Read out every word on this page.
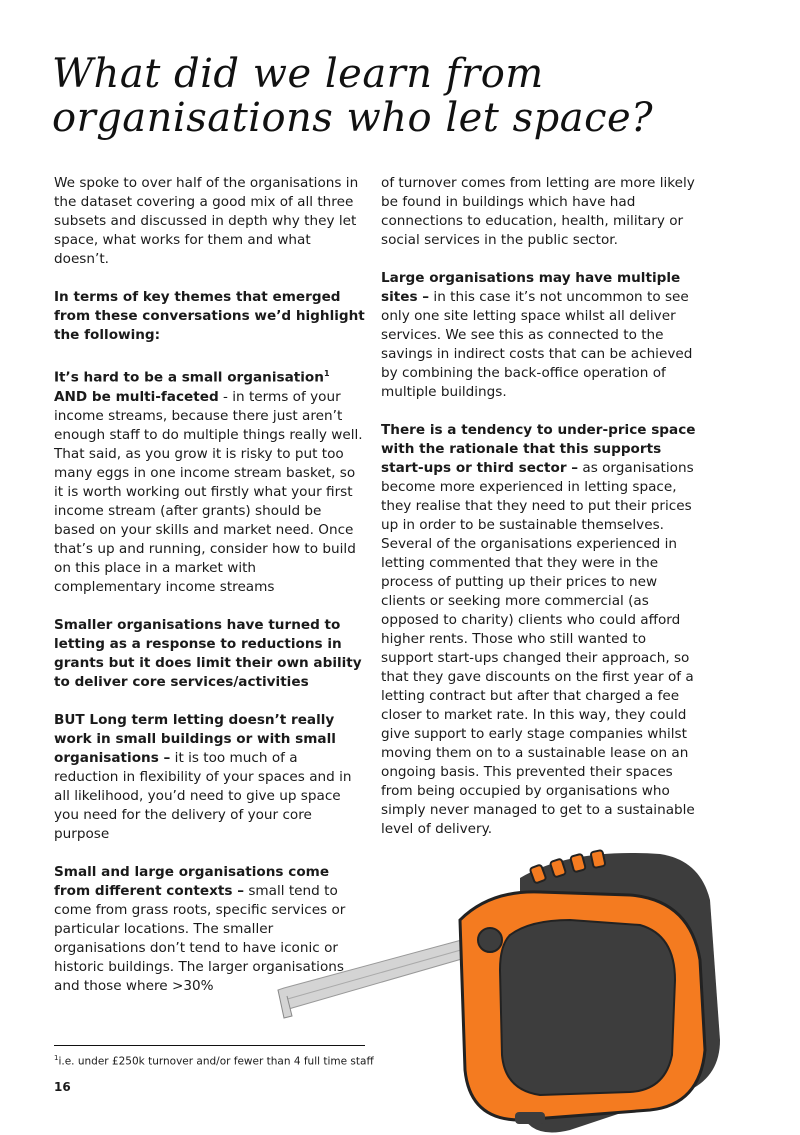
What did we learn from organisations who let space?

We spoke to over half of the organisations in the dataset covering a good mix of all three subsets and discussed in depth why they let space, what works for them and what doesn’t.

In terms of key themes that emerged from these conversations we’d highlight the following:

It’s hard to be a small organisation$^1$ AND be multi-faceted - in terms of your income streams, because there just aren’t enough staff to do multiple things really well. That said, as you grow it is risky to put too many eggs in one income stream basket, so it is worth working out firstly what your first income stream (after grants) should be based on your skills and market need. Once that’s up and running, consider how to build on this place in a market with complementary income streams

Smaller organisations have turned to letting as a response to reductions in grants but it does limit their own ability to deliver core services/activities

BUT Long term letting doesn’t really work in small buildings or with small organisations – it is too much of a reduction in flexibility of your spaces and in all likelihood, you’d need to give up space you need for the delivery of your core purpose

Small and large organisations come from different contexts – small tend to come from grass roots, specific services or particular locations. The smaller organisations don’t tend to have iconic or historic buildings. The larger organisations and those where >30%

of turnover comes from letting are more likely be found in buildings which have had connections to education, health, military or social services in the public sector.

Large organisations may have multiple sites – in this case it’s not uncommon to see only one site letting space whilst all deliver services. We see this as connected to the savings in indirect costs that can be achieved by combining the back-office operation of multiple buildings.

There is a tendency to under-price space with the rationale that this supports start-ups or third sector – as organisations become more experienced in letting space, they realise that they need to put their prices up in order to be sustainable themselves. Several of the organisations experienced in letting commented that they were in the process of putting up their prices to new clients or seeking more commercial (as opposed to charity) clients who could afford higher rents. Those who still wanted to support start-ups changed their approach, so that they gave discounts on the first year of a letting contract but after that charged a fee closer to market rate. In this way, they could give support to early stage companies whilst moving them on to a sustainable lease on an ongoing basis. This prevented their spaces from being occupied by organisations who simply never managed to get to a sustainable level of delivery.

$^1$i.e. under £250k turnover and/or fewer than 4 full time staff
16
